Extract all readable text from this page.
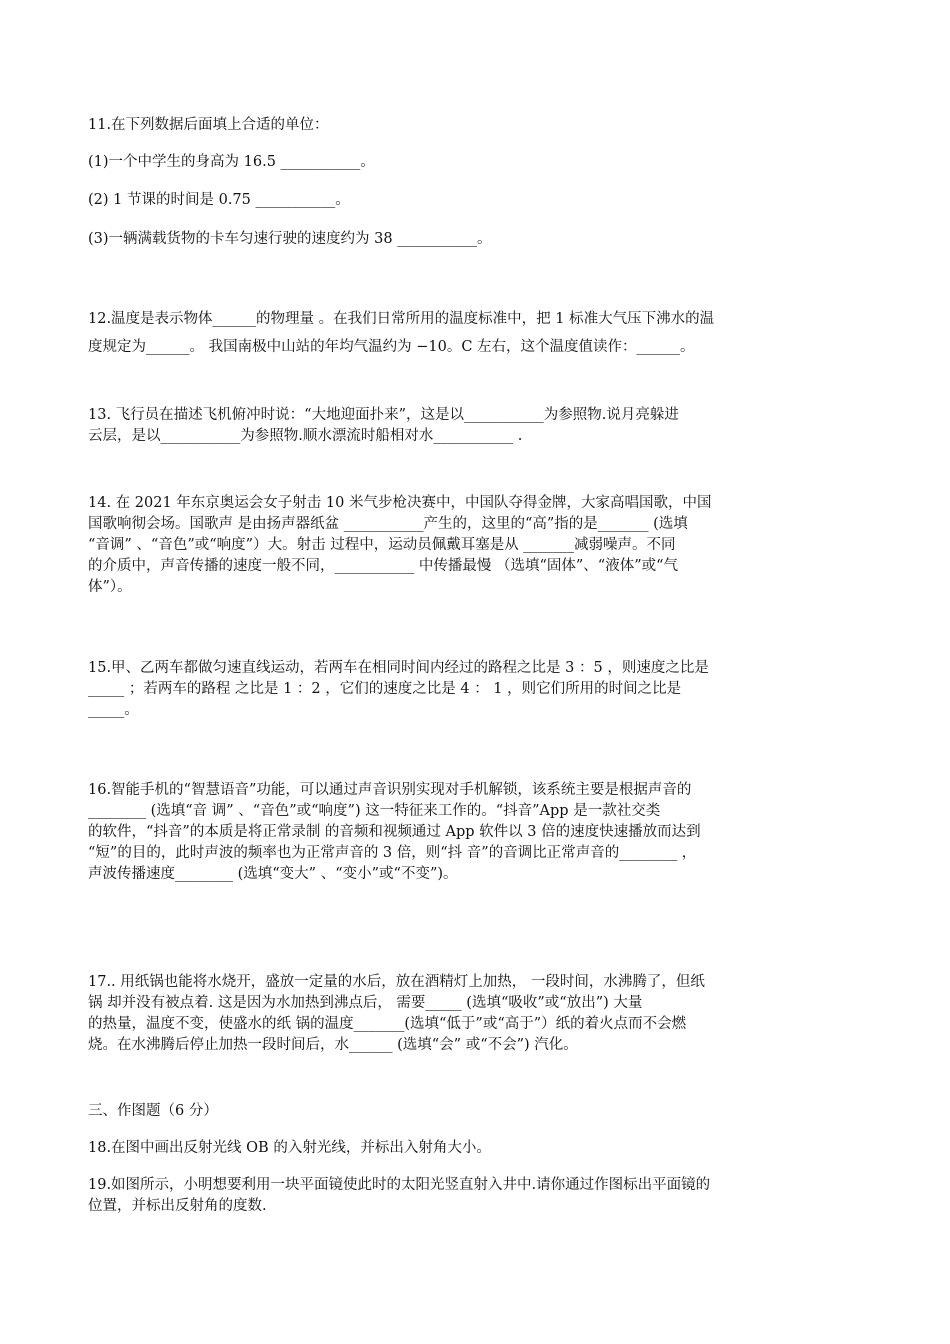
11.在下列数据后面填上合适的单位：

(1)一个中学生的身高为 16.5 ___________。

(2) 1 节课的时间是 0.75 ___________。

(3)一辆满载货物的卡车匀速行驶的速度约为 38 ___________。

12.温度是表示物体______的物理量 。在我们日常所用的温度标准中，把 1 标准大气压下沸水的温
度规定为______。 我国南极中山站的年均气温约为 −10。C 左右，这个温度值读作：______。

13. 飞行员在描述飞机俯冲时说：“大地迎面扑来”，这是以___________为参照物.说月亮躲进
云层，是以___________为参照物.顺水漂流时船相对水___________ .

14. 在 2021 年东京奥运会女子射击 10 米气步枪决赛中，中国队夺得金牌，大家高唱国歌，中国
国歌响彻会场。国歌声 是由扬声器纸盆 ___________产生的，这里的“高”指的是_______ (选填
“音调” 、“音色”或“响度”）大。射击 过程中，运动员佩戴耳塞是从 _______减弱噪声。不同
的介质中，声音传播的速度一般不同，___________ 中传播最慢 （选填“固体”、“液体”或“气
体”）。

15.甲、乙两车都做匀速直线运动，若两车在相同时间内经过的路程之比是 3 ：5 ，则速度之比是
_____ ；若两车的路程 之比是 1 ：2 ，它们的速度之比是 4 ： 1 ，则它们所用的时间之比是
_____。

16.智能手机的“智慧语音”功能，可以通过声音识别实现对手机解锁，该系统主要是根据声音的
________ (选填“音 调” 、“音色”或“响度”) 这一特征来工作的。“抖音”App 是一款社交类
的软件，“抖音”的本质是将正常录制 的音频和视频通过 App 软件以 3 倍的速度快速播放而达到
“短”的目的，此时声波的频率也为正常声音的 3 倍，则“抖 音”的音调比正常声音的________ ，
声波传播速度________ (选填“变大” 、“变小”或“不变”)。

17.. 用纸锅也能将水烧开，盛放一定量的水后，放在酒精灯上加热， 一段时间，水沸腾了，但纸
锅 却并没有被点着. 这是因为水加热到沸点后， 需要_____ (选填“吸收”或“放出”) 大量
的热量，温度不变，使盛水的纸 锅的温度_______(选填“低于”或“高于”）纸的着火点而不会燃
烧。在水沸腾后停止加热一段时间后，水______ (选填“会” 或“不会”) 汽化。

三、作图题（6 分）

18.在图中画出反射光线 OB 的入射光线，并标出入射角大小。

19.如图所示，小明想要利用一块平面镜使此时的太阳光竖直射入井中.请你通过作图标出平面镜的
位置，并标出反射角的度数.
